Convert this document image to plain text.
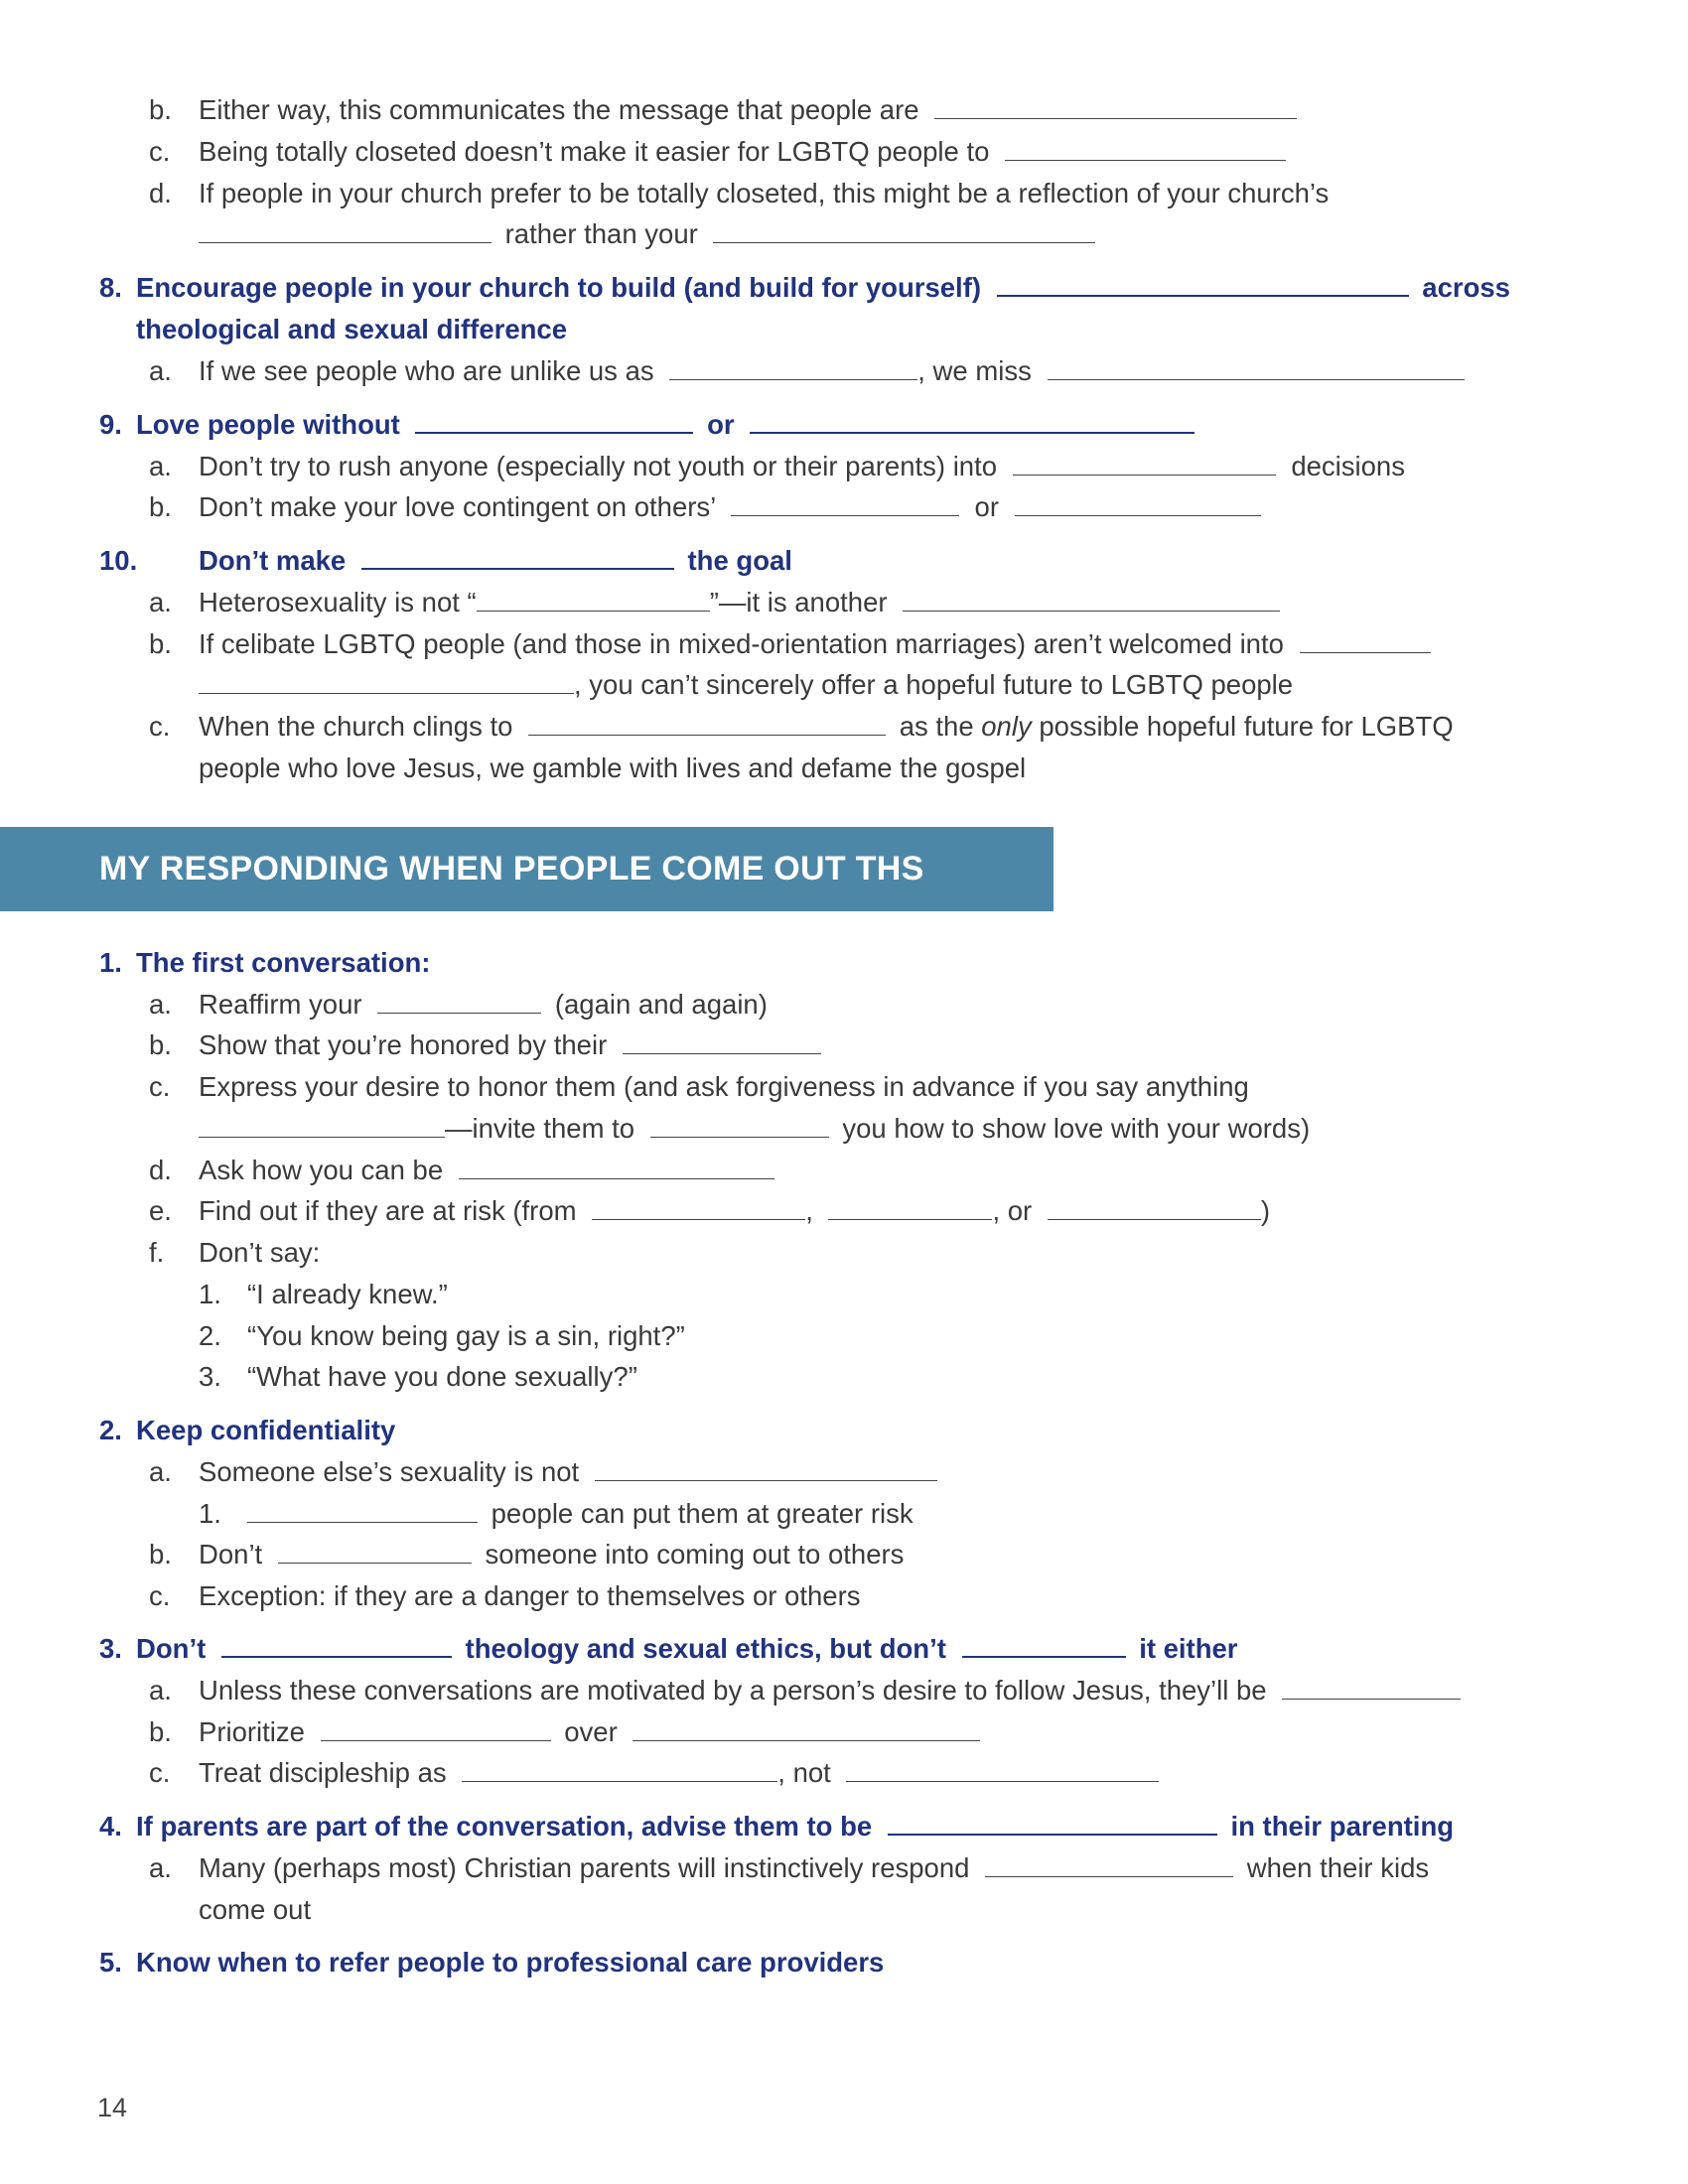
b. Either way, this communicates the message that people are
c. Being totally closeted doesn’t make it easier for LGBTQ people to
d. If people in your church prefer to be totally closeted, this might be a reflection of your church’s
rather than your
8. Encourage people in your church to build (and build for yourself)	across
theological and sexual difference
a. If we see people who are unlike us as	, we miss
9. Love people without	or
a. Don’t try to rush anyone (especially not youth or their parents) into	decisions
b. Don’t make your love contingent on others’	or
10. Don’t make	the goal
a. Heterosexuality is not “	”—it is another
b. If celibate LGBTQ people (and those in mixed-orientation marriages) aren’t welcomed into
, you can’t sincerely offer a hopeful future to LGBTQ people
c. When the church clings to	as the only possible hopeful future for LGBTQ
people who love Jesus, we gamble with lives and defame the gospel
MY RESPONDING WHEN PEOPLE COME OUT THS
1. The first conversation:
a. Reaffirm your	(again and again)
b. Show that you’re honored by their
c. Express your desire to honor them (and ask forgiveness in advance if you say anything
—invite them to	you how to show love with your words)
d. Ask how you can be
e. Find out if they are at risk (from	,	, or	)
f. Don’t say:
1. “I already knew.”
2. “You know being gay is a sin, right?”
3. “What have you done sexually?”
2. Keep confidentiality
a. Someone else’s sexuality is not
1.	people can put them at greater risk
b. Don’t	someone into coming out to others
c. Exception: if they are a danger to themselves or others
3. Don’t	theology and sexual ethics, but don’t	it either
a. Unless these conversations are motivated by a person’s desire to follow Jesus, they’ll be
b. Prioritize	over
c. Treat discipleship as	, not
4. If parents are part of the conversation, advise them to be	in their parenting
a. Many (perhaps most) Christian parents will instinctively respond	when their kids
come out
5. Know when to refer people to professional care providers
14
